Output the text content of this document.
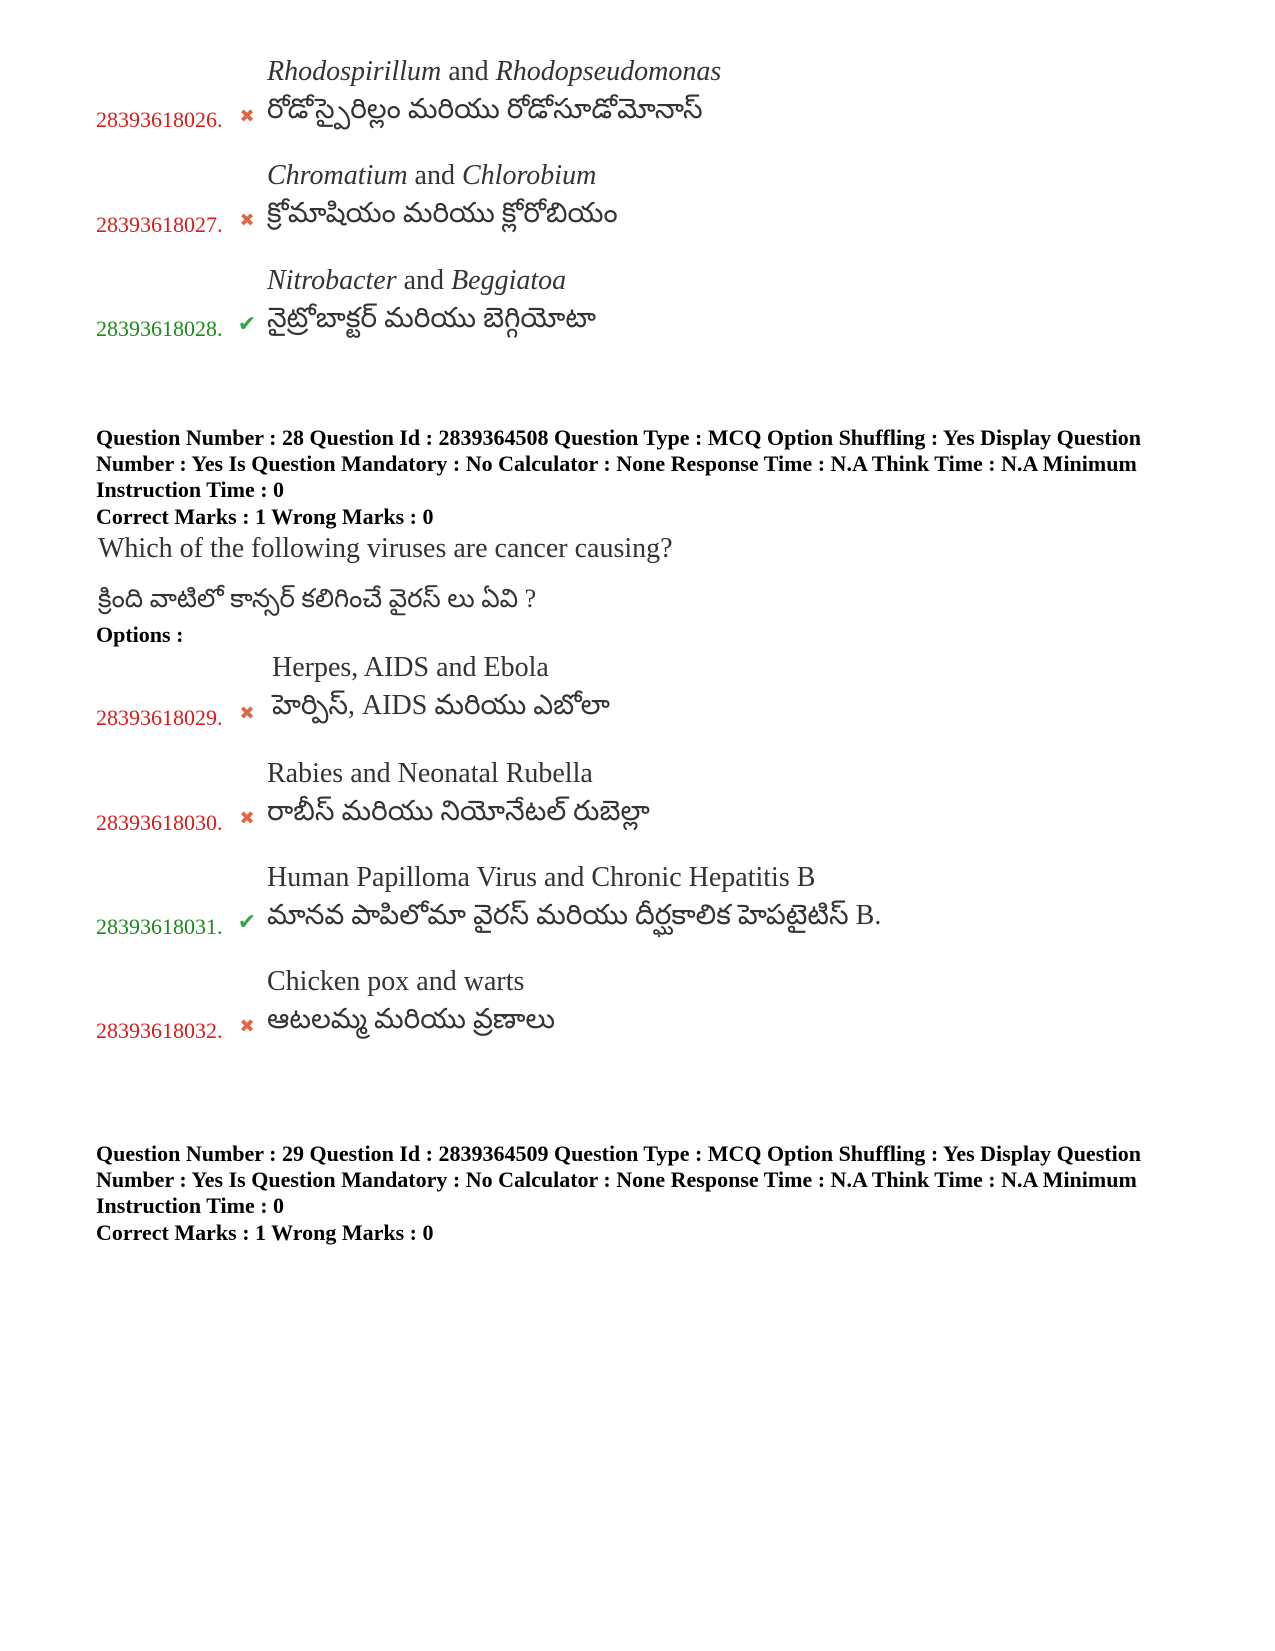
Rhodospirillum and Rhodopseudomonas
రోడోస్పైరిల్లం మరియు రోడోసూడోమోనాస్
28393618026. ✖
Chromatium and Chlorobium
క్రోమాషియం మరియు క్లోరోబియం
28393618027. ✖
Nitrobacter and Beggiatoa
నైట్రోబాక్టర్ మరియు బెగ్గియోటా
28393618028. ✔
Question Number : 28 Question Id : 2839364508 Question Type : MCQ Option Shuffling : Yes Display Question Number : Yes Is Question Mandatory : No Calculator : None Response Time : N.A Think Time : N.A Minimum Instruction Time : 0
Correct Marks : 1 Wrong Marks : 0
Which of the following viruses are cancer causing?
క్రింది వాటిలో కాన్సర్ కలిగించే వైరస్ లు ఏవి ?
Options :
Herpes, AIDS and Ebola
హెర్పిస్, AIDS మరియు ఎబోలా
28393618029. ✖
Rabies and Neonatal Rubella
రాబీస్ మరియు నియోనేటల్ రుబెల్లా
28393618030. ✖
Human Papilloma Virus and Chronic Hepatitis B
మానవ పాపిలోమా వైరస్ మరియు దీర్ఘకాలిక హెపటైటిస్ B.
28393618031. ✔
Chicken pox and warts
ఆటలమ్మ మరియు వ్రణాలు
28393618032. ✖
Question Number : 29 Question Id : 2839364509 Question Type : MCQ Option Shuffling : Yes Display Question Number : Yes Is Question Mandatory : No Calculator : None Response Time : N.A Think Time : N.A Minimum Instruction Time : 0
Correct Marks : 1 Wrong Marks : 0
